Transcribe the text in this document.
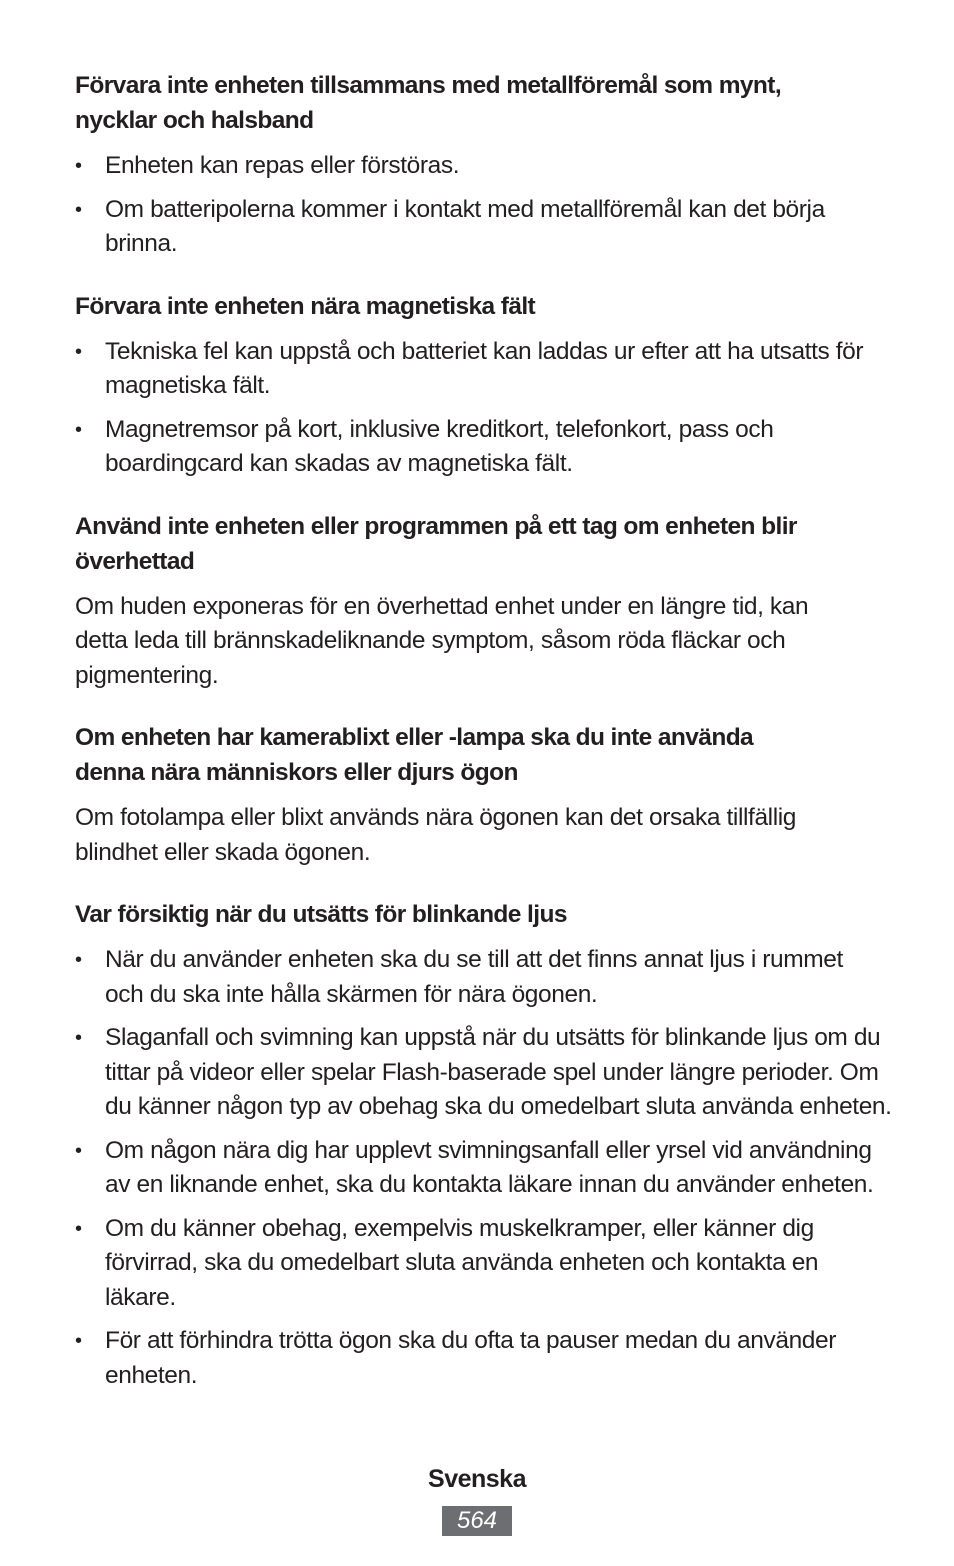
Förvara inte enheten tillsammans med metallföremål som mynt, nycklar och halsband
• Enheten kan repas eller förstöras.
• Om batteripolerna kommer i kontakt med metallföremål kan det börja brinna.
Förvara inte enheten nära magnetiska fält
• Tekniska fel kan uppstå och batteriet kan laddas ur efter att ha utsatts för magnetiska fält.
• Magnetremsor på kort, inklusive kreditkort, telefonkort, pass och boardingcard kan skadas av magnetiska fält.
Använd inte enheten eller programmen på ett tag om enheten blir överhettad

Om huden exponeras för en överhettad enhet under en längre tid, kan detta leda till brännskadeliknande symptom, såsom röda fläckar och pigmentering.

Om enheten har kamerablixt eller -lampa ska du inte använda denna nära människors eller djurs ögon

Om fotolampa eller blixt används nära ögonen kan det orsaka tillfällig blindhet eller skada ögonen.

Var försiktig när du utsätts för blinkande ljus
• När du använder enheten ska du se till att det finns annat ljus i rummet och du ska inte hålla skärmen för nära ögonen.
• Slaganfall och svimning kan uppstå när du utsätts för blinkande ljus om du tittar på videor eller spelar Flash-baserade spel under längre perioder. Om du känner någon typ av obehag ska du omedelbart sluta använda enheten.
• Om någon nära dig har upplevt svimningsanfall eller yrsel vid användning av en liknande enhet, ska du kontakta läkare innan du använder enheten.
• Om du känner obehag, exempelvis muskelkramper, eller känner dig förvirrad, ska du omedelbart sluta använda enheten och kontakta en läkare.
• För att förhindra trötta ögon ska du ofta ta pauser medan du använder enheten.
Svenska
564
